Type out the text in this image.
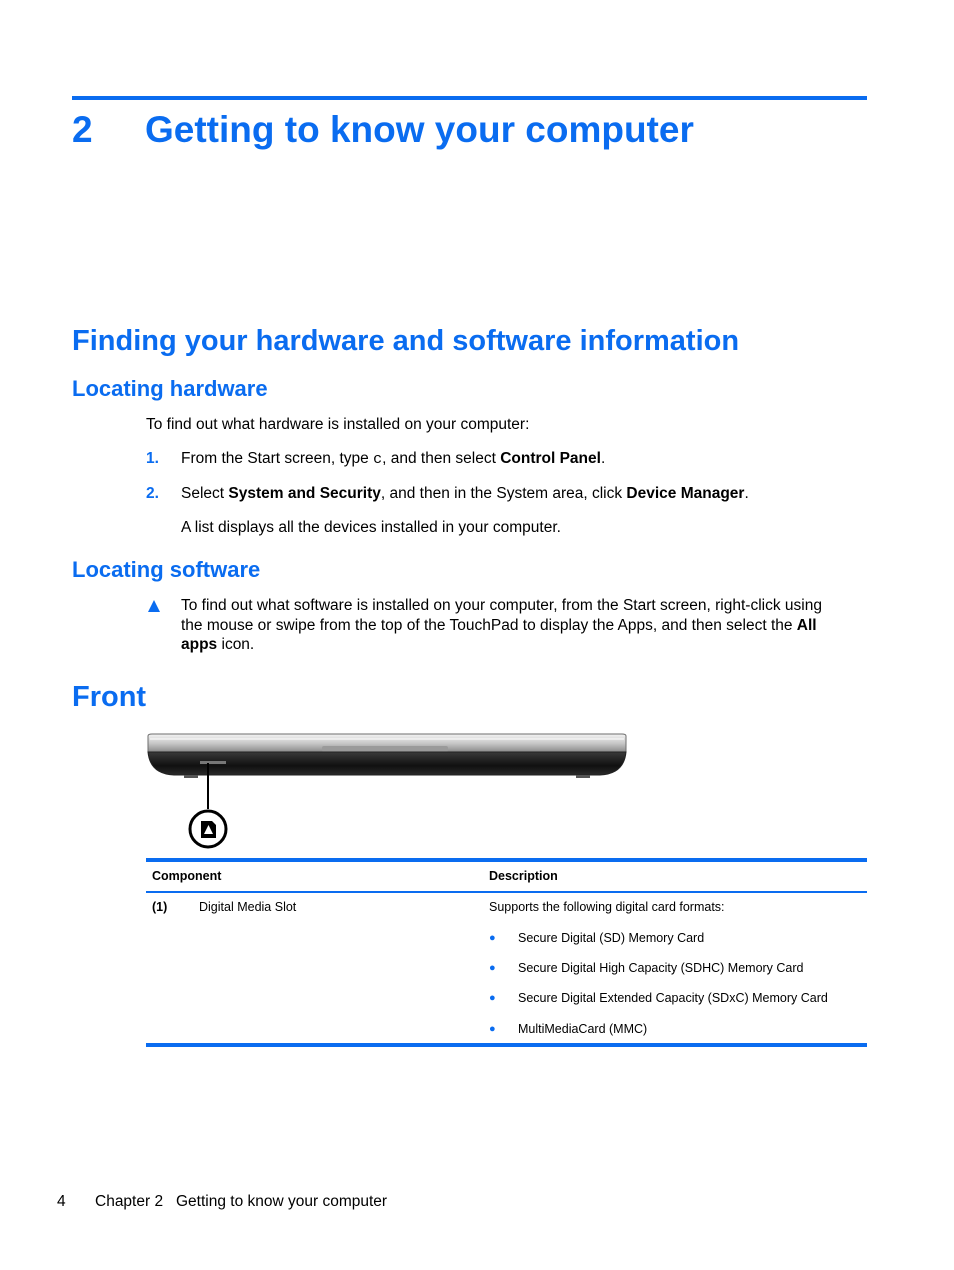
2 Getting to know your computer
Finding your hardware and software information
Locating hardware

To find out what hardware is installed on your computer:

1. From the Start screen, type c, and then select Control Panel.

2. Select System and Security, and then in the System area, click Device Manager.

A list displays all the devices installed in your computer.

Locating software

To find out what software is installed on your computer, from the Start screen, right-click using

the mouse or swipe from the top of the TouchPad to display the Apps, and then select the All

apps icon.

Front
Component	Description
(1)	Digital Media Slot	Supports the following digital card formats:
● Secure Digital (SD) Memory Card
● Secure Digital High Capacity (SDHC) Memory Card
● Secure Digital Extended Capacity (SDxC) Memory Card
● MultiMediaCard (MMC)
4 Chapter 2   Getting to know your computer
